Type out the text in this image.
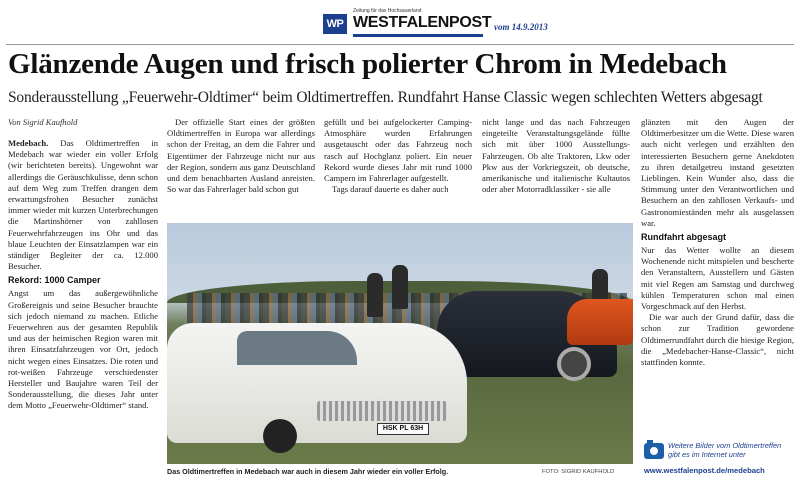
WP
Zeitung für das Hochsauerland
WESTFALENPOST vom 14.9.2013
Glänzende Augen und frisch polierter Chrom in Medebach
Sonderausstellung „Feuerwehr-Oldtimer“ beim Oldtimertreffen. Rundfahrt Hanse Classic wegen schlechten Wetters abgesagt
Von Sigrid Kaufhold

Medebach. Das Oldtimertreffen in Medebach war wieder ein voller Erfolg (wir berichteten bereits). Ungewohnt war allerdings die Geräuschkulisse, denn schon auf dem Weg zum Treffen drangen dem erwartungsfrohen Besucher zunächst immer wieder mit kurzen Unterbrechungen die Martinshörner von zahllosen Feuerwehrfahrzeugen ins Ohr und das blaue Leuchten der Einsatzlampen war ein ständiger Begleiter der ca. 12.000 Besucher.

Rekord: 1000 Camper

Angst um das außergewöhnliche Großereignis und seine Besucher brauchte sich jedoch niemand zu machen. Etliche Feuerwehren aus der gesamten Republik und aus der heimischen Region waren mit ihren Einsatzfahrzeugen vor Ort, jedoch nicht wegen eines Einsatzes. Die roten und rot-weißen Fahrzeuge verschiedenster Hersteller und Baujahre waren Teil der Sonderausstellung, die dieses Jahr unter dem Motto „Feuerwehr-Oldtimer“ stand.

Der offizielle Start eines der größten Oldtimertreffen in Europa war allerdings schon der Freitag, an dem die Fahrer und Eigentümer der Fahrzeuge nicht nur aus der Region, sondern aus ganz Deutschland und dem benachbarten Ausland anreisten. So war das Fahrerlager bald schon gut

gefüllt und bei aufgelockerter Camping-Atmosphäre wurden Erfahrungen ausgetauscht oder das Fahrzeug noch rasch auf Hochglanz poliert. Ein neuer Rekord wurde dieses Jahr mit rund 1000 Campern im Fahrerlager aufgestellt.

Tags darauf dauerte es daher auch

nicht lange und das nach Fahrzeugen eingeteilte Veranstaltungsgelände füllte sich mit über 1000 Ausstellungs-Fahrzeugen. Ob alte Traktoren, Lkw oder Pkw aus der Vorkriegszeit, ob deutsche, amerikanische und italienische Kultautos oder aber Motorradklassiker - sie alle

glänzten mit den Augen der Oldtimerbesitzer um die Wette. Diese waren auch nicht verlegen und erzählten den interessierten Besuchern gerne Anekdoten zu ihren detailgetreu instand gesetzten Lieblingen. Kein Wunder also, dass die Stimmung unter den Verantwortlichen und Besuchern an den zahllosen Verkaufs- und Gastronomieständen mehr als ausgelassen war.

Rundfahrt abgesagt

Nur das Wetter wollte an diesem Wochenende nicht mitspielen und bescherte den Veranstaltern, Ausstellern und Gästen mit viel Regen am Samstag und durchweg kühlen Temperaturen schon mal einen Vorgeschmack auf den Herbst.

Die war auch der Grund dafür, dass die schon zur Tradition gewordene Oldtimerrundfahrt durch die hiesige Region, die „Medebacher-Hanse-Classic“, nicht stattfinden konnte.

HSK PL 63H
Das Oldtimertreffen in Medebach war auch in diesem Jahr wieder ein voller Erfolg.	FOTO: SIGRID KAUFHOLD
Weitere Bilder vom Oldtimertreffen gibt es im Internet unter
www.westfalenpost.de/medebach
